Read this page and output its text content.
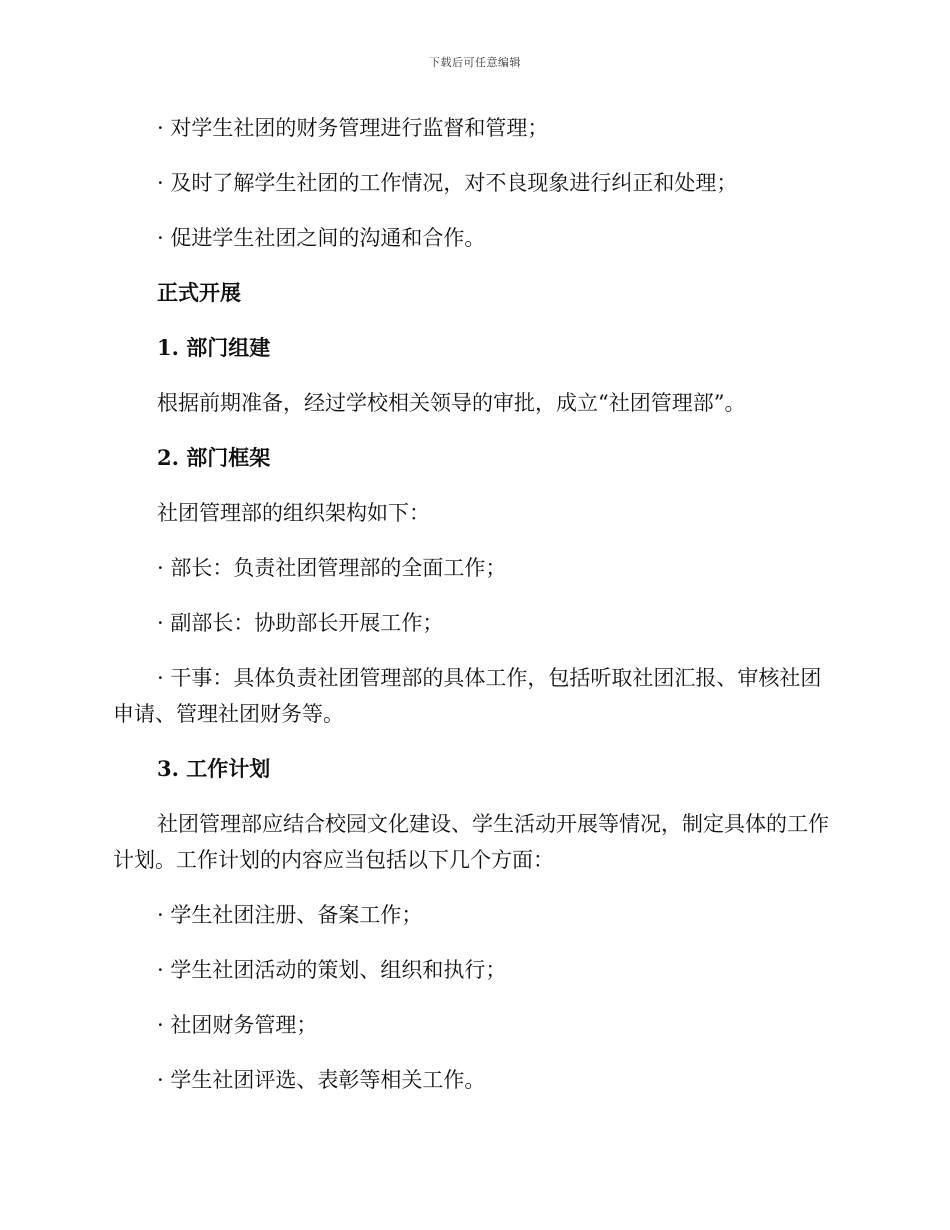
下载后可任意编辑

· 对学生社团的财务管理进行监督和管理；

· 及时了解学生社团的工作情况，对不良现象进行纠正和处理；

· 促进学生社团之间的沟通和合作。

正式开展

1. 部门组建

根据前期准备，经过学校相关领导的审批，成立“社团管理部”。

2. 部门框架

社团管理部的组织架构如下：

· 部长：负责社团管理部的全面工作；

· 副部长：协助部长开展工作；

· 干事：具体负责社团管理部的具体工作，包括听取社团汇报、审核社团申请、管理社团财务等。

3. 工作计划

社团管理部应结合校园文化建设、学生活动开展等情况，制定具体的工作计划。工作计划的内容应当包括以下几个方面：

· 学生社团注册、备案工作；

· 学生社团活动的策划、组织和执行；

· 社团财务管理；

· 学生社团评选、表彰等相关工作。
